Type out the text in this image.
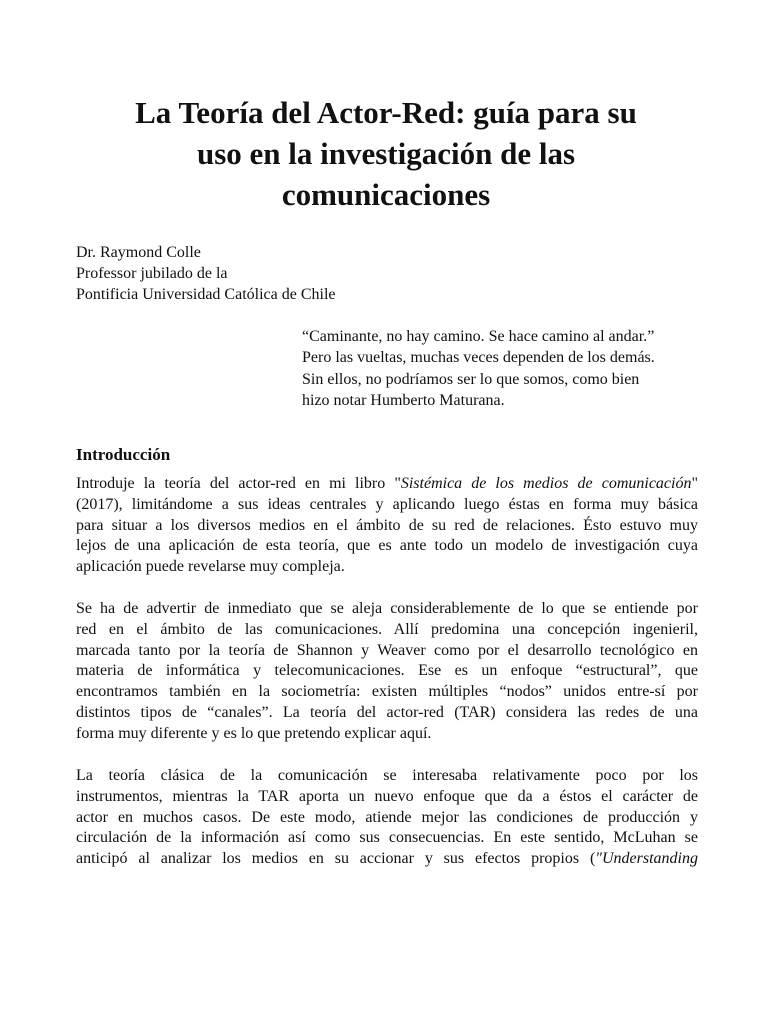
La Teoría del Actor-Red: guía para su
uso en la investigación de las
comunicaciones

Dr. Raymond Colle
Professor jubilado de la
Pontificia Universidad Católica de Chile

“Caminante, no hay camino. Se hace camino al andar.”
Pero las vueltas, muchas veces dependen de los demás.
Sin ellos, no podríamos ser lo que somos, como bien
hizo notar Humberto Maturana.

Introducción

Introduje la teoría del actor-red en mi libro "Sistémica de los medios de comunicación"
(2017), limitándome a sus ideas centrales y aplicando luego éstas en forma muy básica
para situar a los diversos medios en el ámbito de su red de relaciones. Ésto estuvo muy
lejos de una aplicación de esta teoría, que es ante todo un modelo de investigación cuya
aplicación puede revelarse muy compleja.

Se ha de advertir de inmediato que se aleja considerablemente de lo que se entiende por
red en el ámbito de las comunicaciones. Allí predomina una concepción ingenieril,
marcada tanto por la teoría de Shannon y Weaver como por el desarrollo tecnológico en
materia de informática y telecomunicaciones. Ese es un enfoque “estructural”, que
encontramos también en la sociometría: existen múltiples “nodos” unidos entre-sí por
distintos tipos de “canales”. La teoría del actor-red (TAR) considera las redes de una
forma muy diferente y es lo que pretendo explicar aquí.

La teoría clásica de la comunicación se interesaba relativamente poco por los
instrumentos, mientras la TAR aporta un nuevo enfoque que da a éstos el carácter de
actor en muchos casos. De este modo, atiende mejor las condiciones de producción y
circulación de la información así como sus consecuencias. En este sentido, McLuhan se
anticipó al analizar los medios en su accionar y sus efectos propios ("Understanding
